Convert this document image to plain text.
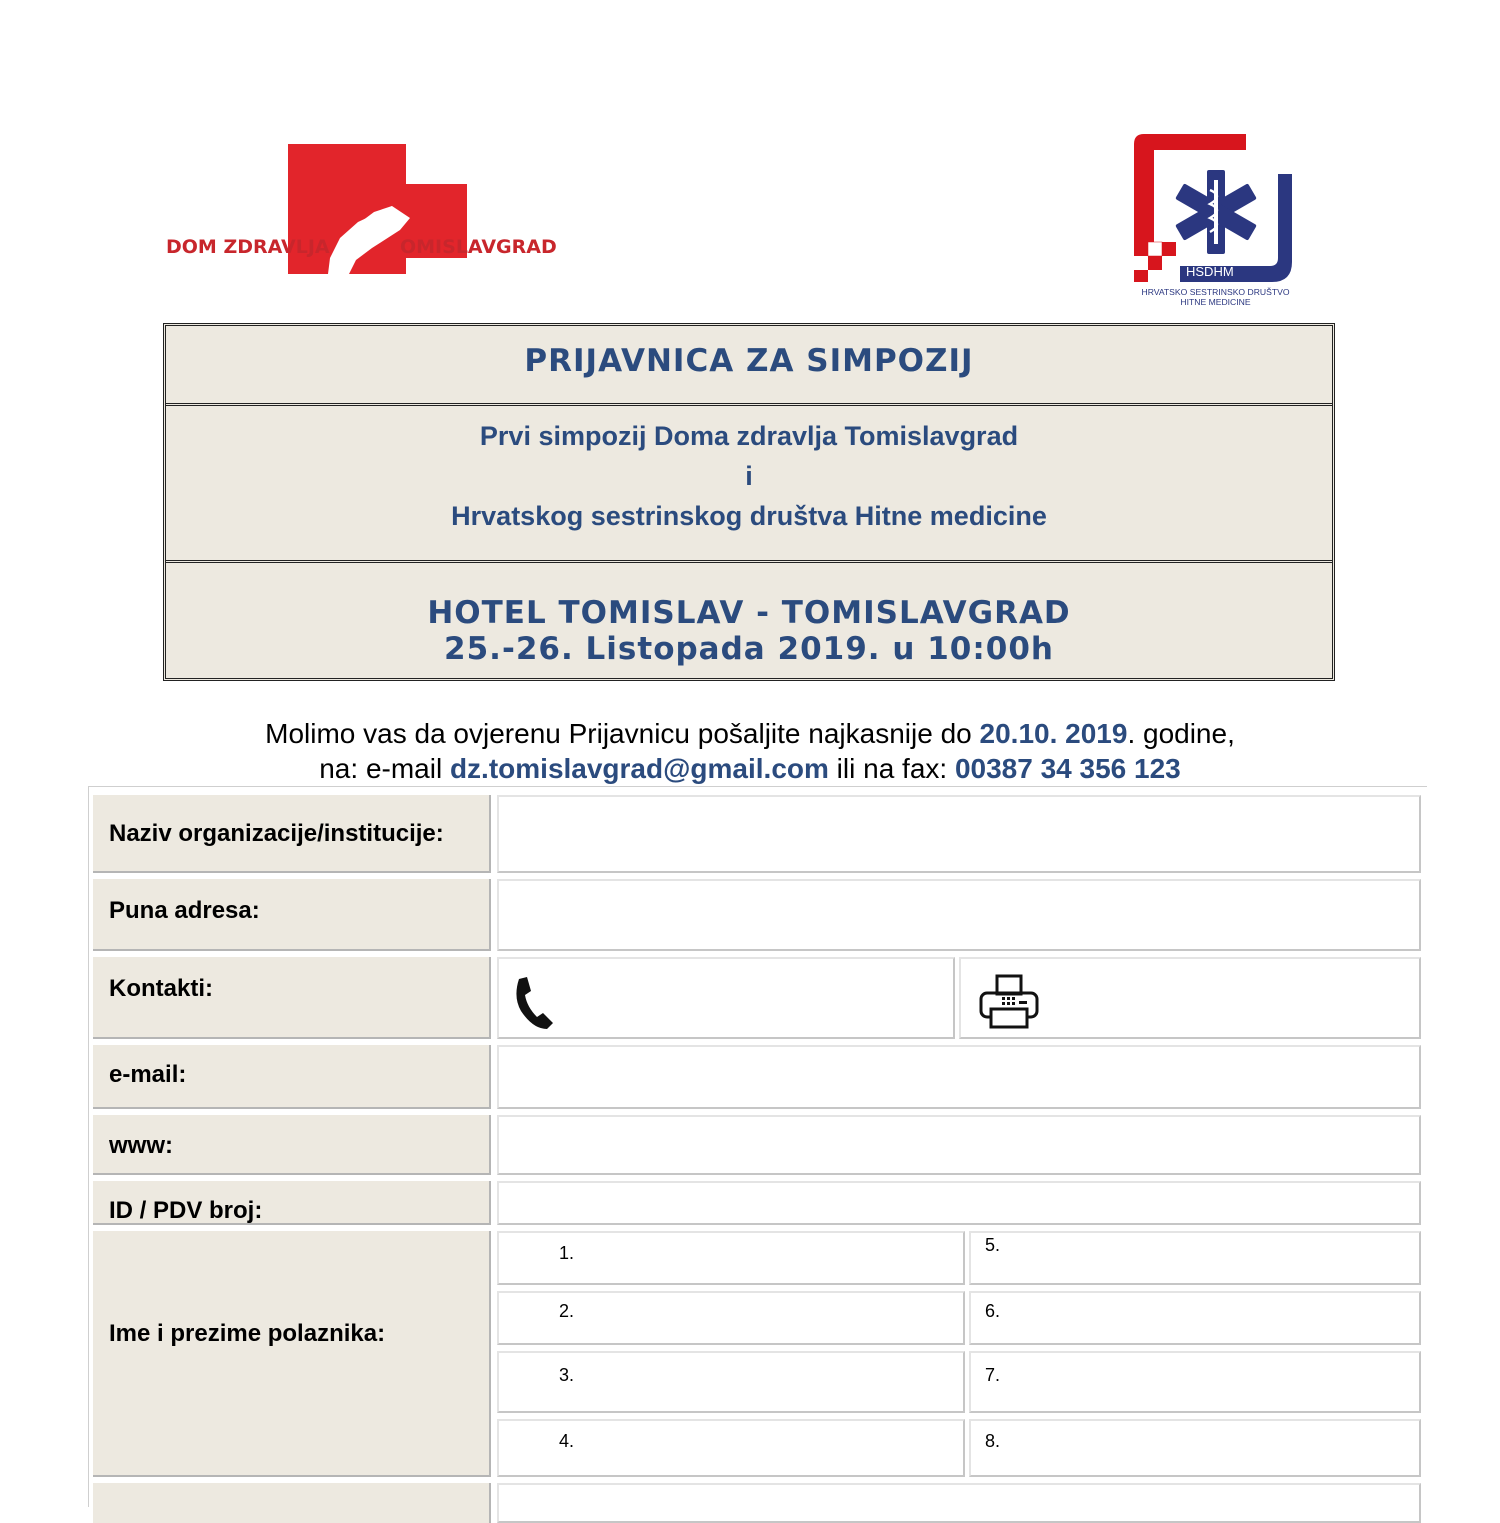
DOM ZDRAVLJA	OMISLAVGRAD
HSDHM
HRVATSKO SESTRINSKO DRUŠTVO
HITNE MEDICINE
PRIJAVNICA ZA SIMPOZIJ
Prvi simpozij Doma zdravlja Tomislavgrad
i
Hrvatskog sestrinskog društva Hitne medicine
HOTEL TOMISLAV - TOMISLAVGRAD
25.-26. Listopada 2019. u 10:00h
Molimo vas da ovjerenu Prijavnicu pošaljite najkasnije do 20.10. 2019. godine,
na: e-mail dz.tomislavgrad@gmail.com ili na fax: 00387 34 356 123
Naziv organizacije/institucije:
Puna adresa:
Kontakti:
e-mail:
www:
ID / PDV broj:
Ime i prezime polaznika:
1.
2.
3.
4.
5.
6.
7.
8.
